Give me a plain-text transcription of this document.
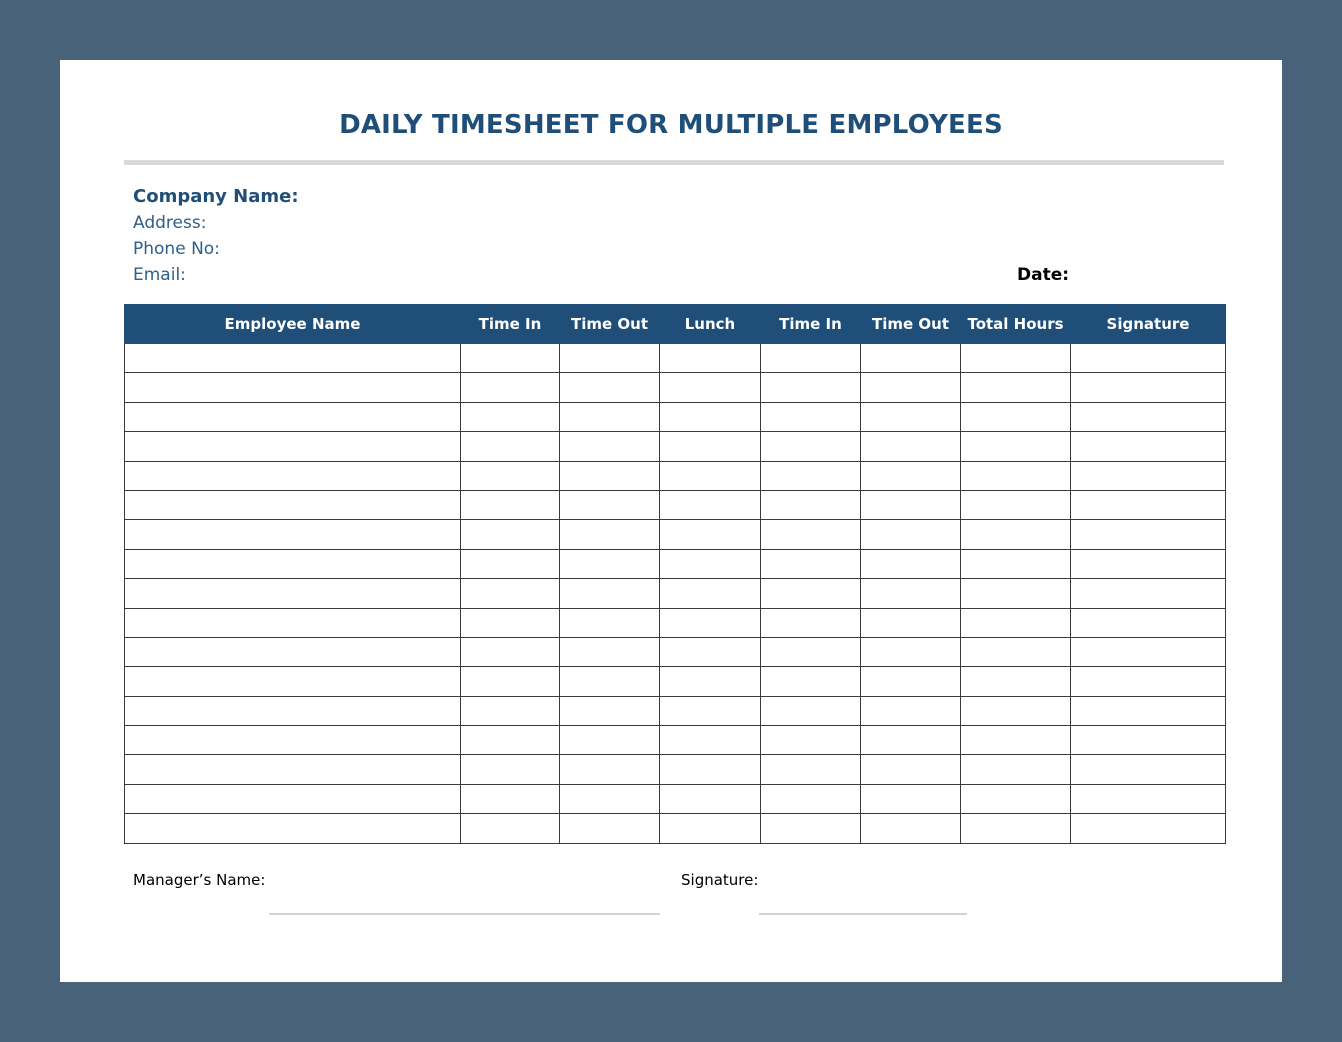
DAILY TIMESHEET FOR MULTIPLE EMPLOYEES
Company Name:
Address:
Phone No:
Email:	Date:
Employee Name	Time In	Time Out	Lunch	Time In	Time Out	Total Hours	Signature

Manager’s Name:	Signature:
